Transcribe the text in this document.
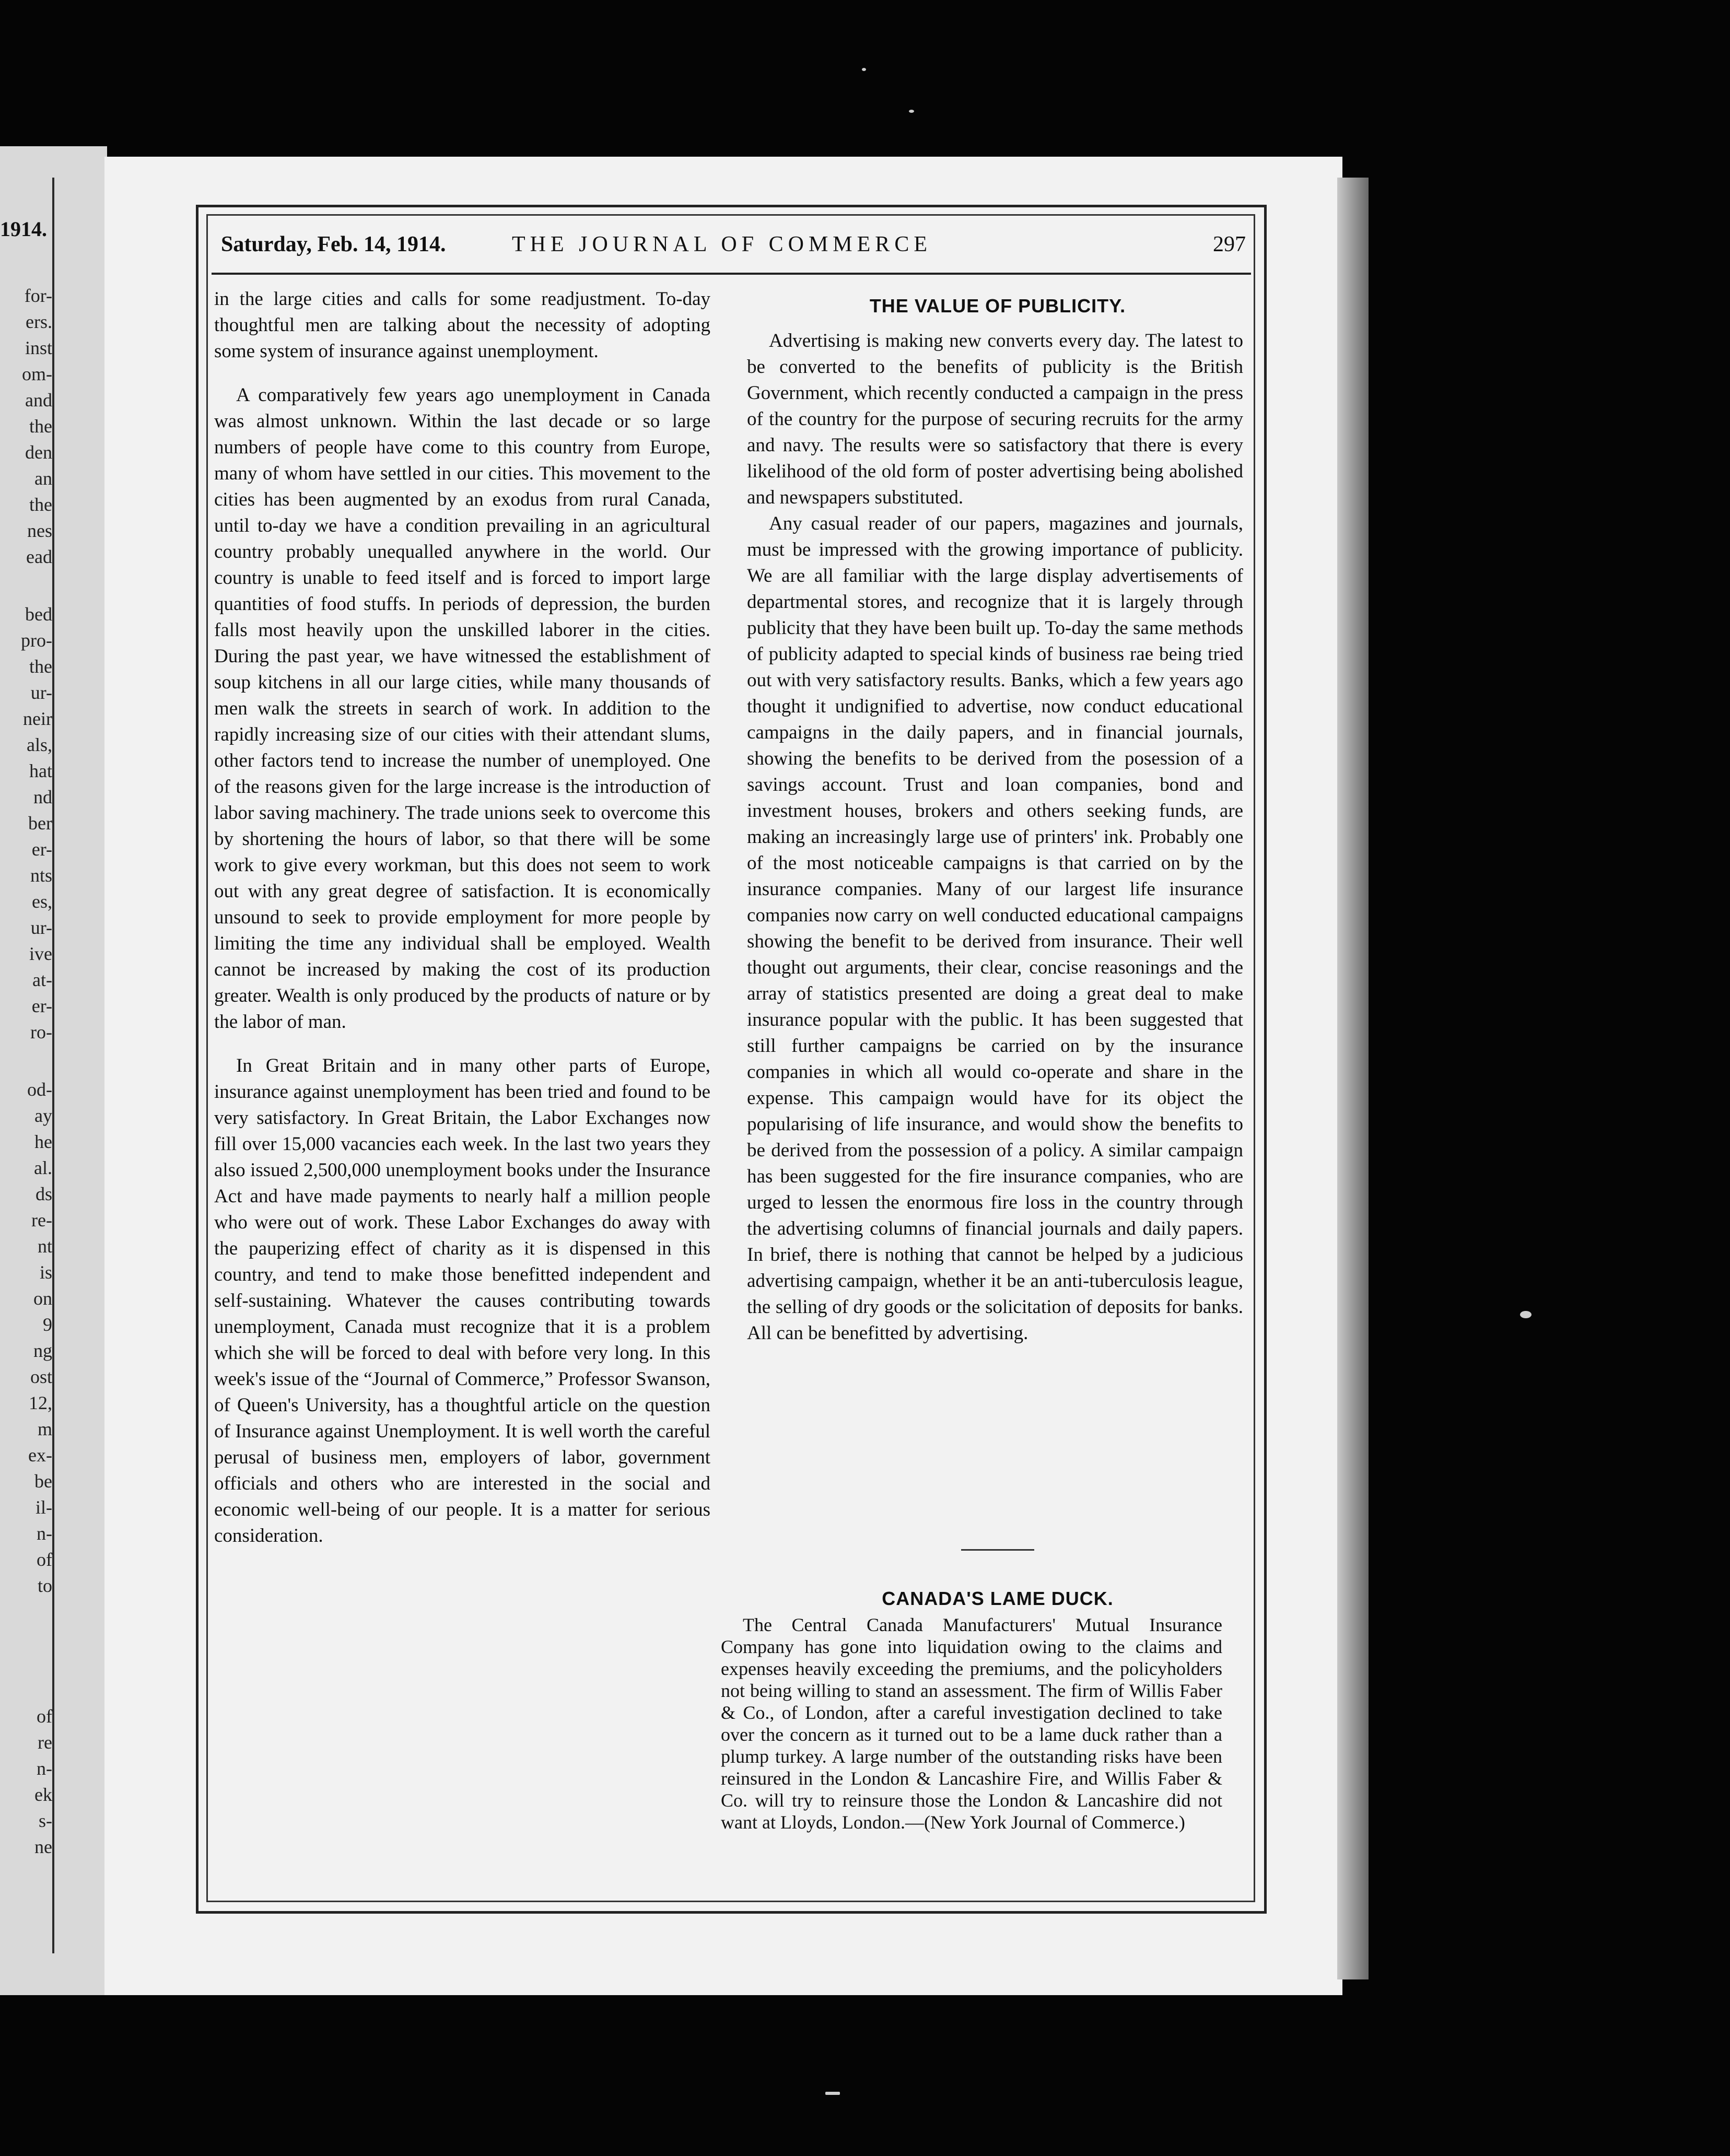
1914.
for-
ers.
inst
om-
and
the
den
an
the
nes
ead
bed
pro-
the
ur-
neir
als,
hat
nd
ber
er-
nts
es,
ur-
ive
at-
er-
ro-
od-
ay
he
al.
ds
re-
nt
is
on
9
ng
ost
12,
m
ex-
be
il-
n-
of
to
of
re
n-
ek
s-
ne
Saturday, Feb. 14, 1914.	THE JOURNAL OF COMMERCE	297

in the large cities and calls for some readjustment. To-day thoughtful men are talking about the necessity of adopting some system of insurance against unemployment.

A comparatively few years ago unemployment in Canada was almost unknown. Within the last decade or so large numbers of people have come to this country from Europe, many of whom have settled in our cities. This movement to the cities has been augmented by an exodus from rural Canada, until to-day we have a condition prevailing in an agricultural country probably unequalled anywhere in the world. Our country is unable to feed itself and is forced to import large quantities of food stuffs. In periods of depression, the burden falls most heavily upon the unskilled laborer in the cities. During the past year, we have witnessed the establishment of soup kitchens in all our large cities, while many thousands of men walk the streets in search of work. In addition to the rapidly increasing size of our cities with their attendant slums, other factors tend to increase the number of unemployed. One of the reasons given for the large increase is the introduction of labor saving machinery. The trade unions seek to overcome this by shortening the hours of labor, so that there will be some work to give every workman, but this does not seem to work out with any great degree of satisfaction. It is economically unsound to seek to provide employment for more people by limiting the time any individual shall be employed. Wealth cannot be increased by making the cost of its production greater. Wealth is only produced by the products of nature or by the labor of man.

In Great Britain and in many other parts of Europe, insurance against unemployment has been tried and found to be very satisfactory. In Great Britain, the Labor Exchanges now fill over 15,000 vacancies each week. In the last two years they also issued 2,500,000 unemployment books under the Insurance Act and have made payments to nearly half a million people who were out of work. These Labor Exchanges do away with the pauperizing effect of charity as it is dispensed in this country, and tend to make those benefitted independent and self-sustaining. Whatever the causes contributing towards unemployment, Canada must recognize that it is a problem which she will be forced to deal with before very long. In this week's issue of the “Journal of Commerce,” Professor Swanson, of Queen's University, has a thoughtful article on the question of Insurance against Unemployment. It is well worth the careful perusal of business men, employers of labor, government officials and others who are interested in the social and economic well-being of our people. It is a matter for serious consideration.

THE VALUE OF PUBLICITY.

Advertising is making new converts every day. The latest to be converted to the benefits of publicity is the British Government, which recently conducted a campaign in the press of the country for the purpose of securing recruits for the army and navy. The results were so satisfactory that there is every likelihood of the old form of poster advertising being abolished and newspapers substituted.

Any casual reader of our papers, magazines and journals, must be impressed with the growing importance of publicity. We are all familiar with the large display advertisements of departmental stores, and recognize that it is largely through publicity that they have been built up. To-day the same methods of publicity adapted to special kinds of business rae being tried out with very satisfactory results. Banks, which a few years ago thought it undignified to advertise, now conduct educational campaigns in the daily papers, and in financial journals, showing the benefits to be derived from the posession of a savings account. Trust and loan companies, bond and investment houses, brokers and others seeking funds, are making an increasingly large use of printers' ink. Probably one of the most noticeable campaigns is that carried on by the insurance companies. Many of our largest life insurance companies now carry on well conducted educational campaigns showing the benefit to be derived from insurance. Their well thought out arguments, their clear, concise reasonings and the array of statistics presented are doing a great deal to make insurance popular with the public. It has been suggested that still further campaigns be carried on by the insurance companies in which all would co-operate and share in the expense. This campaign would have for its object the popularising of life insurance, and would show the benefits to be derived from the possession of a policy. A similar campaign has been suggested for the fire insurance companies, who are urged to lessen the enormous fire loss in the country through the advertising columns of financial journals and daily papers. In brief, there is nothing that cannot be helped by a judicious advertising campaign, whether it be an anti-tuberculosis league, the selling of dry goods or the solicitation of deposits for banks. All can be benefitted by advertising.

CANADA'S LAME DUCK.

The Central Canada Manufacturers' Mutual Insurance Company has gone into liquidation owing to the claims and expenses heavily exceeding the premiums, and the policyholders not being willing to stand an assessment. The firm of Willis Faber & Co., of London, after a careful investigation declined to take over the concern as it turned out to be a lame duck rather than a plump turkey. A large number of the outstanding risks have been reinsured in the London & Lancashire Fire, and Willis Faber & Co. will try to reinsure those the London & Lancashire did not want at Lloyds, London.—(New York Journal of Commerce.)
